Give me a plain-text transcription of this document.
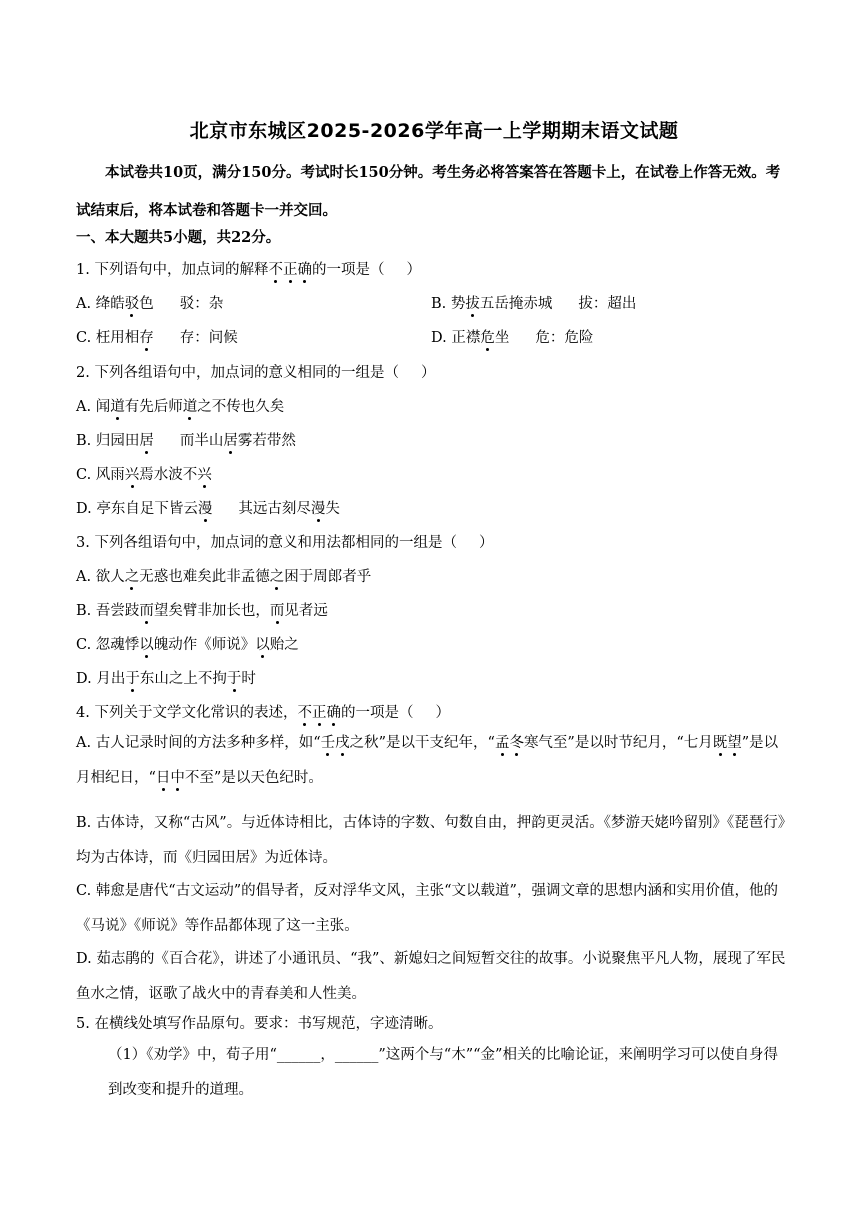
北京市东城区2025-2026学年高一上学期期末语文试题

本试卷共10页，满分150分。考试时长150分钟。考生务必将答案答在答题卡上，在试卷上作答无效。考试结束后，将本试卷和答题卡一并交回。

一、本大题共5小题，共22分。
1. 下列语句中，加点词的解释不正确的一项是（ ）
A. 绛皓驳色 驳：杂	B. 势拔五岳掩赤城 拔：超出
C. 枉用相存 存：问候	D. 正襟危坐 危：危险
2. 下列各组语句中，加点词的意义相同的一组是（ ）
A. 闻道有先后师道之不传也久矣
B. 归园田居 而半山居雾若带然
C. 风雨兴焉水波不兴
D. 亭东自足下皆云漫 其远古刻尽漫失
3. 下列各组语句中，加点词的意义和用法都相同的一组是（ ）
A. 欲人之无惑也难矣此非孟德之困于周郎者乎
B. 吾尝跂而望矣臂非加长也，而见者远
C. 忽魂悸以魄动作《师说》以贻之
D. 月出于东山之上不拘于时
4. 下列关于文学文化常识的表述，不正确的一项是（ ）

A. 古人记录时间的方法多种多样，如“壬戌之秋”是以干支纪年，“孟冬寒气至”是以时节纪月，“七月既望”是以月相纪日，“日中不至”是以天色纪时。

B. 古体诗，又称“古风”。与近体诗相比，古体诗的字数、句数自由，押韵更灵活。《梦游天姥吟留别》《琵琶行》均为古体诗，而《归园田居》为近体诗。

C. 韩愈是唐代“古文运动”的倡导者，反对浮华文风，主张“文以载道”，强调文章的思想内涵和实用价值，他的《马说》《师说》等作品都体现了这一主张。

D. 茹志鹃的《百合花》，讲述了小通讯员、“我”、新媳妇之间短暂交往的故事。小说聚焦平凡人物，展现了军民鱼水之情，讴歌了战火中的青春美和人性美。

5. 在横线处填写作品原句。要求：书写规范，字迹清晰。

（1）《劝学》中，荀子用“______，______”这两个与“木”“金”相关的比喻论证，来阐明学习可以使自身得到改变和提升的道理。
